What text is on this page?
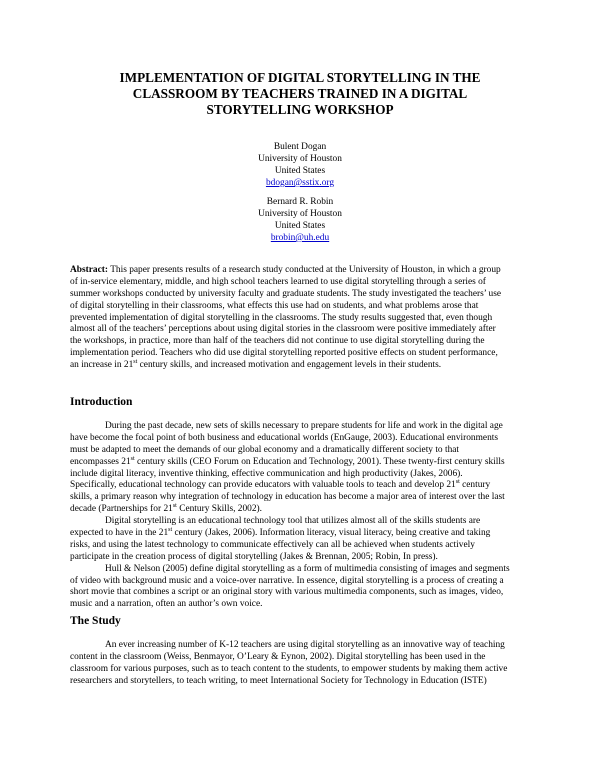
IMPLEMENTATION OF DIGITAL STORYTELLING IN THE
CLASSROOM BY TEACHERS TRAINED IN A DIGITAL
STORYTELLING WORKSHOP
Bulent Dogan
University of Houston
United States
bdogan@sstix.org
Bernard R. Robin
University of Houston
United States
brobin@uh.edu
Abstract: This paper presents results of a research study conducted at the University of Houston, in which a group
of in-service elementary, middle, and high school teachers learned to use digital storytelling through a series of
summer workshops conducted by university faculty and graduate students. The study investigated the teachers’ use
of digital storytelling in their classrooms, what effects this use had on students, and what problems arose that
prevented implementation of digital storytelling in the classrooms. The study results suggested that, even though
almost all of the teachers’ perceptions about using digital stories in the classroom were positive immediately after
the workshops, in practice, more than half of the teachers did not continue to use digital storytelling during the
implementation period. Teachers who did use digital storytelling reported positive effects on student performance,
an increase in 21st century skills, and increased motivation and engagement levels in their students.
Introduction
During the past decade, new sets of skills necessary to prepare students for life and work in the digital age
have become the focal point of both business and educational worlds (EnGauge, 2003). Educational environments
must be adapted to meet the demands of our global economy and a dramatically different society to that
encompasses 21st century skills (CEO Forum on Education and Technology, 2001). These twenty-first century skills
include digital literacy, inventive thinking, effective communication and high productivity (Jakes, 2006).
Specifically, educational technology can provide educators with valuable tools to teach and develop 21st century
skills, a primary reason why integration of technology in education has become a major area of interest over the last
decade (Partnerships for 21st Century Skills, 2002).
Digital storytelling is an educational technology tool that utilizes almost all of the skills students are
expected to have in the 21st century (Jakes, 2006). Information literacy, visual literacy, being creative and taking
risks, and using the latest technology to communicate effectively can all be achieved when students actively
participate in the creation process of digital storytelling (Jakes & Brennan, 2005; Robin, In press).
Hull & Nelson (2005) define digital storytelling as a form of multimedia consisting of images and segments
of video with background music and a voice-over narrative. In essence, digital storytelling is a process of creating a
short movie that combines a script or an original story with various multimedia components, such as images, video,
music and a narration, often an author’s own voice.
The Study
An ever increasing number of K-12 teachers are using digital storytelling as an innovative way of teaching
content in the classroom (Weiss, Benmayor, O’Leary & Eynon, 2002). Digital storytelling has been used in the
classroom for various purposes, such as to teach content to the students, to empower students by making them active
researchers and storytellers, to teach writing, to meet International Society for Technology in Education (ISTE)
